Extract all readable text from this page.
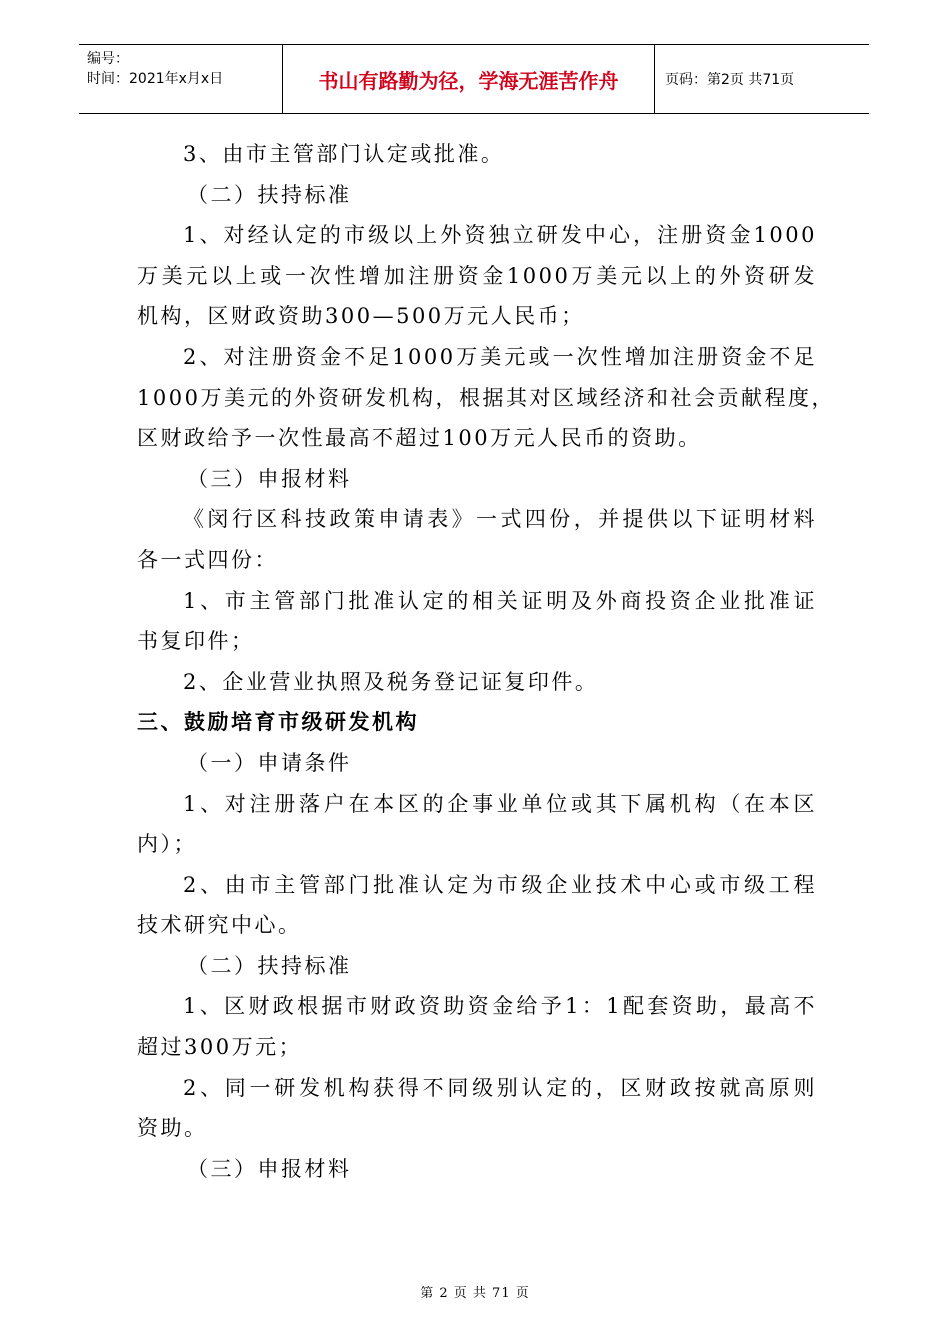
编号：
时间：2021年x月x日	书山有路勤为径，学海无涯苦作舟	页码：第2页 共71页
3、由市主管部门认定或批准。
（二）扶持标准
1、对经认定的市级以上外资独立研发中心，注册资金1000
万美元以上或一次性增加注册资金1000万美元以上的外资研发
机构，区财政资助300—500万元人民币；
2、对注册资金不足1000万美元或一次性增加注册资金不足
1000万美元的外资研发机构，根据其对区域经济和社会贡献程度，
区财政给予一次性最高不超过100万元人民币的资助。
（三）申报材料
《闵行区科技政策申请表》一式四份，并提供以下证明材料
各一式四份：
1、市主管部门批准认定的相关证明及外商投资企业批准证
书复印件；
2、企业营业执照及税务登记证复印件。
三、鼓励培育市级研发机构
（一）申请条件
1、对注册落户在本区的企事业单位或其下属机构（在本区
内）；
2、由市主管部门批准认定为市级企业技术中心或市级工程
技术研究中心。
（二）扶持标准
1、区财政根据市财政资助资金给予1：1配套资助，最高不
超过300万元；
2、同一研发机构获得不同级别认定的，区财政按就高原则
资助。
（三）申报材料
第 2 页 共 71 页
